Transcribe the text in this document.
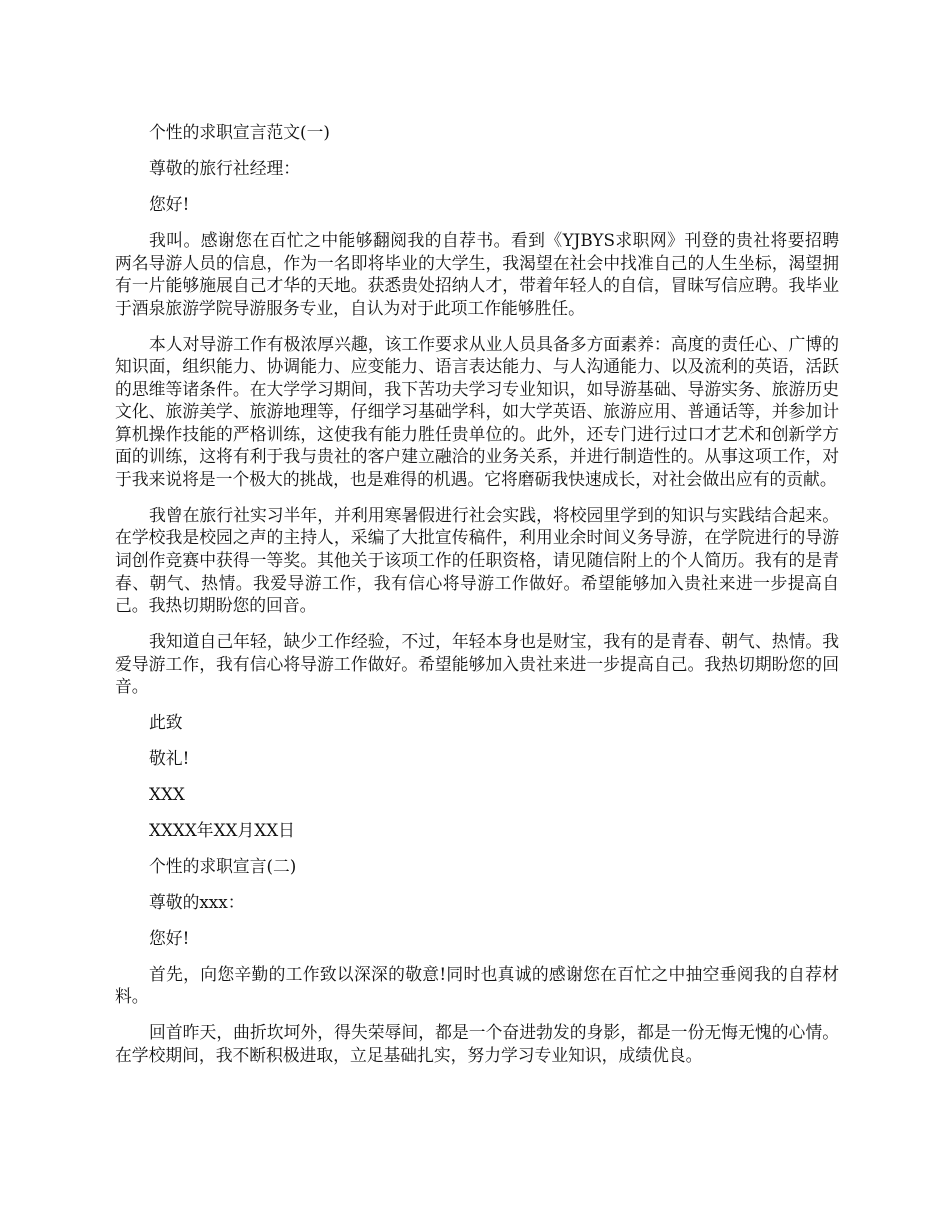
个性的求职宣言范文(一)

尊敬的旅行社经理：

您好!

我叫。感谢您在百忙之中能够翻阅我的自荐书。看到《YJBYS求职网》刊登的贵社将要招聘两名导游人员的信息，作为一名即将毕业的大学生，我渴望在社会中找准自己的人生坐标，渴望拥有一片能够施展自己才华的天地。获悉贵处招纳人才，带着年轻人的自信，冒昧写信应聘。我毕业于酒泉旅游学院导游服务专业，自认为对于此项工作能够胜任。

本人对导游工作有极浓厚兴趣，该工作要求从业人员具备多方面素养：高度的责任心、广博的知识面，组织能力、协调能力、应变能力、语言表达能力、与人沟通能力、以及流利的英语，活跃的思维等诸条件。在大学学习期间，我下苦功夫学习专业知识，如导游基础、导游实务、旅游历史文化、旅游美学、旅游地理等，仔细学习基础学科，如大学英语、旅游应用、普通话等，并参加计算机操作技能的严格训练，这使我有能力胜任贵单位的。此外，还专门进行过口才艺术和创新学方面的训练，这将有利于我与贵社的客户建立融洽的业务关系，并进行制造性的。从事这项工作，对于我来说将是一个极大的挑战，也是难得的机遇。它将磨砺我快速成长，对社会做出应有的贡献。

我曾在旅行社实习半年，并利用寒暑假进行社会实践，将校园里学到的知识与实践结合起来。在学校我是校园之声的主持人，采编了大批宣传稿件，利用业余时间义务导游，在学院进行的导游词创作竞赛中获得一等奖。其他关于该项工作的任职资格，请见随信附上的个人简历。我有的是青春、朝气、热情。我爱导游工作，我有信心将导游工作做好。希望能够加入贵社来进一步提高自己。我热切期盼您的回音。

我知道自己年轻，缺少工作经验，不过，年轻本身也是财宝，我有的是青春、朝气、热情。我爱导游工作，我有信心将导游工作做好。希望能够加入贵社来进一步提高自己。我热切期盼您的回音。

此致

敬礼!

XXX

XXXX年XX月XX日

个性的求职宣言(二)

尊敬的xxx：

您好!

首先，向您辛勤的工作致以深深的敬意!同时也真诚的感谢您在百忙之中抽空垂阅我的自荐材料。

回首昨天，曲折坎坷外，得失荣辱间，都是一个奋进勃发的身影，都是一份无悔无愧的心情。在学校期间，我不断积极进取，立足基础扎实，努力学习专业知识，成绩优良。
